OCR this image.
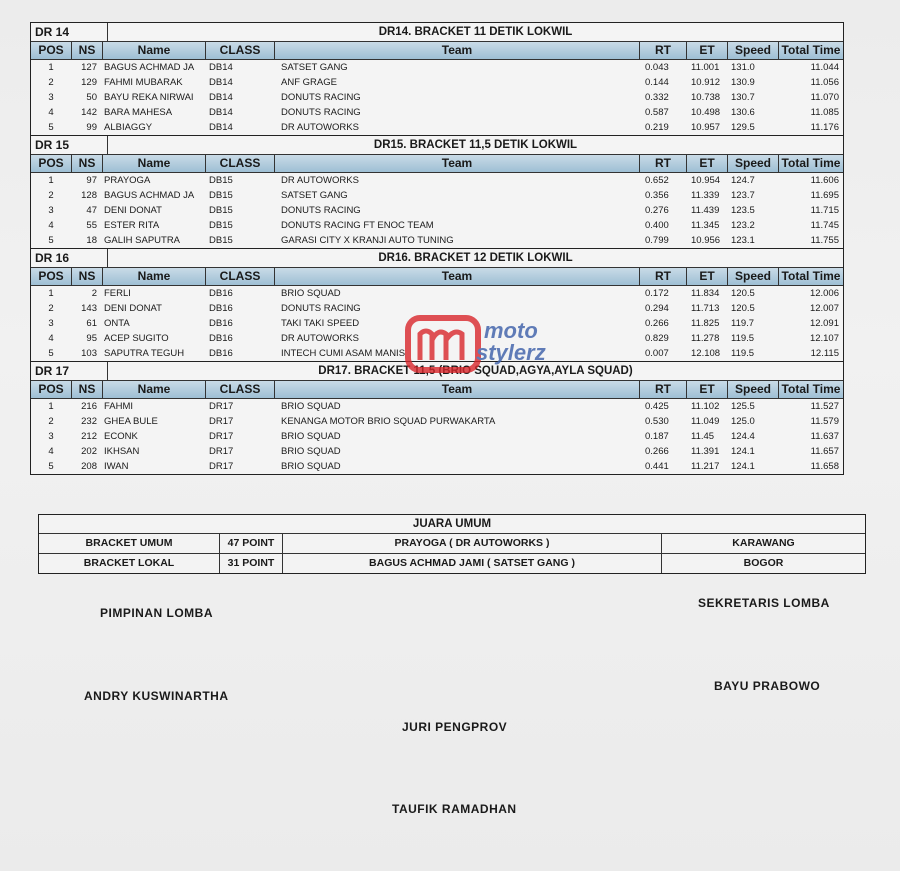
DR 14	DR14. BRACKET 11 DETIK LOKWIL
POS	NS	Name	CLASS	Team	RT	ET	Speed Total Time
1	127 BAGUS ACHMAD JA	DB14	SATSET GANG	0.043	11.001	131.0	11.044
2	129 FAHMI MUBARAK	DB14	ANF GRAGE	0.144	10.912	130.9	11.056
3	50 BAYU REKA NIRWAI	DB14	DONUTS RACING	0.332	10.738	130.7	11.070
4	142 BARA MAHESA	DB14	DONUTS RACING	0.587	10.498	130.6	11.085
5	99 ALBIAGGY	DB14	DR AUTOWORKS	0.219	10.957	129.5	11.176
DR 15	DR15. BRACKET 11,5 DETIK LOKWIL
POS	NS	Name	CLASS	Team	RT	ET	Speed Total Time
1	97 PRAYOGA	DB15	DR AUTOWORKS	0.652	10.954	124.7	11.606
2	128 BAGUS ACHMAD JA	DB15	SATSET GANG	0.356	11.339	123.7	11.695
3	47 DENI DONAT	DB15	DONUTS RACING	0.276	11.439	123.5	11.715
4	55 ESTER RITA	DB15	DONUTS RACING FT ENOC TEAM	0.400	11.345	123.2	11.745
5	18 GALIH SAPUTRA	DB15	GARASI CITY X KRANJI AUTO TUNING	0.799	10.956	123.1	11.755
DR 16	DR16. BRACKET 12 DETIK LOKWIL
POS	NS	Name	CLASS	Team	RT	ET	Speed Total Time
1	2 FERLI	DB16	BRIO SQUAD	0.172	11.834	120.5	12.006
2	143 DENI DONAT	DB16	DONUTS RACING	0.294	11.713	120.5	12.007
3	61 ONTA	DB16	TAKI TAKI SPEED	0.266	11.825	119.7	12.091
4	95 ACEP SUGITO	DB16	DR AUTOWORKS	0.829	11.278	119.5	12.107
5	103 SAPUTRA TEGUH	DB16	INTECH CUMI ASAM MANIS	0.007	12.108	119.5	12.115
DR 17	DR17. BRACKET 11,5 (BRIO SQUAD,AGYA,AYLA SQUAD)
POS	NS	Name	CLASS	Team	RT	ET	Speed Total Time
1	216 FAHMI	DR17	BRIO SQUAD	0.425	11.102	125.5	11.527
2	232 GHEA BULE	DR17	KENANGA MOTOR BRIO SQUAD PURWAKARTA	0.530	11.049	125.0	11.579
3	212 ECONK	DR17	BRIO SQUAD	0.187	11.45	124.4	11.637
4	202 IKHSAN	DR17	BRIO SQUAD	0.266	11.391	124.1	11.657
5	208 IWAN	DR17	BRIO SQUAD	0.441	11.217	124.1	11.658
moto
stylerz
JUARA UMUM
BRACKET UMUM	47 POINT	PRAYOGA ( DR AUTOWORKS )	KARAWANG
BRACKET LOKAL	31 POINT	BAGUS ACHMAD JAMI ( SATSET GANG )	BOGOR
PIMPINAN LOMBA
ANDRY KUSWINARTHA
SEKRETARIS LOMBA
BAYU PRABOWO
JURI PENGPROV
TAUFIK RAMADHAN
